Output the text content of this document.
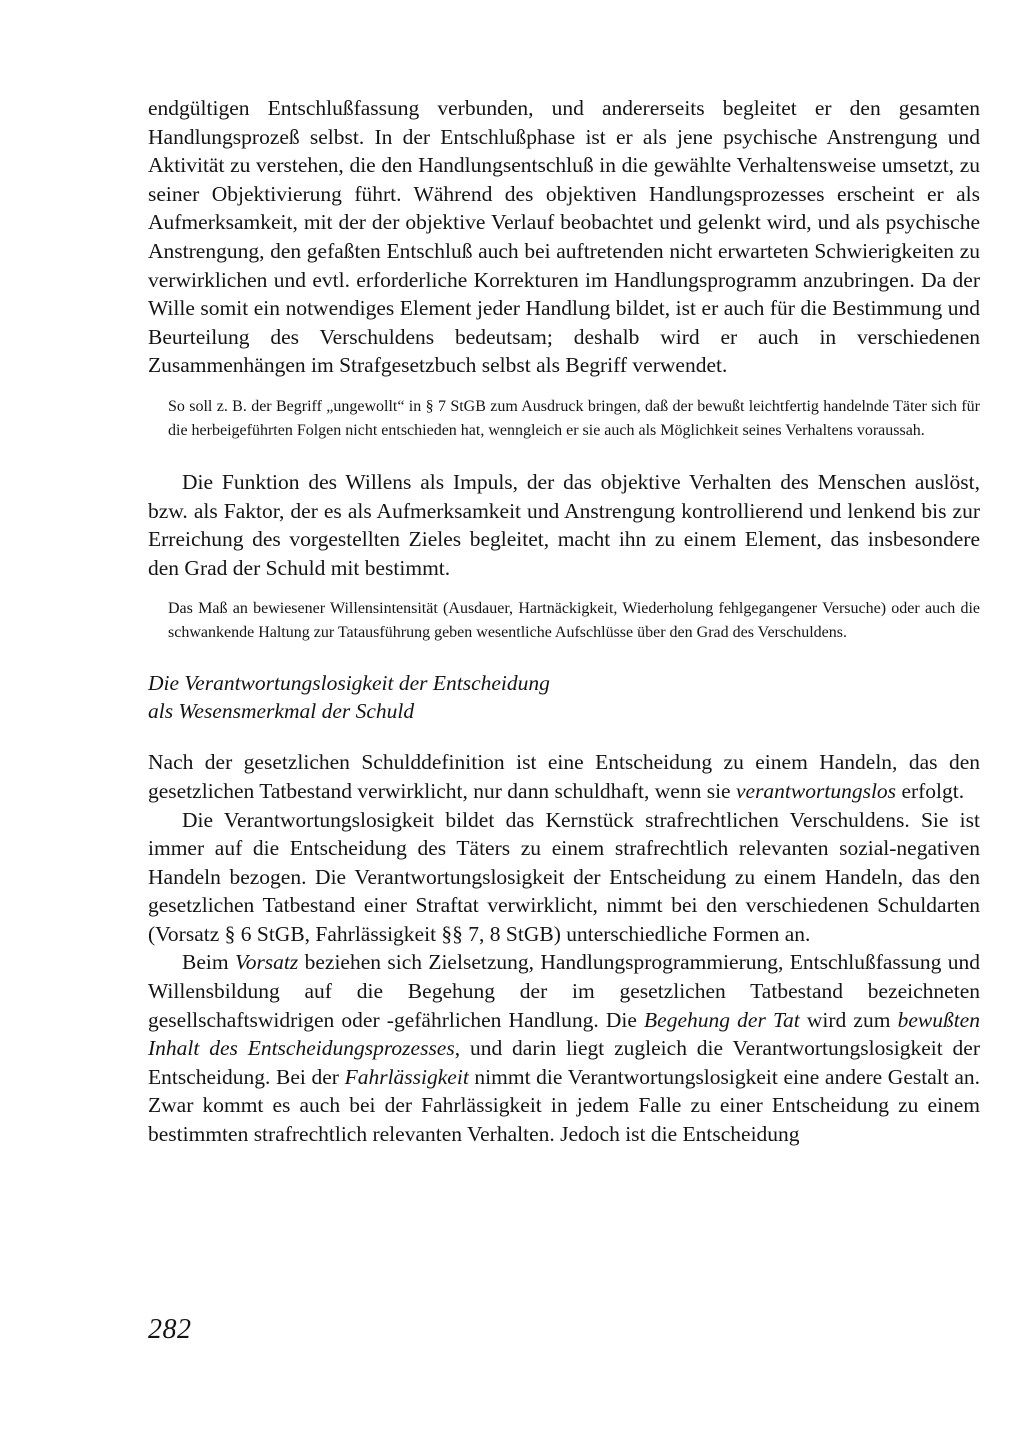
endgültigen Entschlußfassung verbunden, und andererseits begleitet er den gesamten Handlungsprozeß selbst. In der Entschlußphase ist er als jene psychische Anstrengung und Aktivität zu verstehen, die den Handlungsentschluß in die gewählte Verhaltensweise umsetzt, zu seiner Objektivierung führt. Während des objektiven Handlungsprozesses erscheint er als Aufmerksamkeit, mit der der objektive Verlauf beobachtet und gelenkt wird, und als psychische Anstrengung, den gefaßten Entschluß auch bei auftretenden nicht erwarteten Schwierigkeiten zu verwirklichen und evtl. erforderliche Korrekturen im Handlungsprogramm anzubringen. Da der Wille somit ein notwendiges Element jeder Handlung bildet, ist er auch für die Bestimmung und Beurteilung des Verschuldens bedeutsam; deshalb wird er auch in verschiedenen Zusammenhängen im Strafgesetzbuch selbst als Begriff verwendet.

So soll z. B. der Begriff „ungewollt“ in § 7 StGB zum Ausdruck bringen, daß der bewußt leichtfertig handelnde Täter sich für die herbeigeführten Folgen nicht entschieden hat, wenngleich er sie auch als Möglichkeit seines Verhaltens voraussah.

Die Funktion des Willens als Impuls, der das objektive Verhalten des Menschen auslöst, bzw. als Faktor, der es als Aufmerksamkeit und Anstrengung kontrollierend und lenkend bis zur Erreichung des vorgestellten Zieles begleitet, macht ihn zu einem Element, das insbesondere den Grad der Schuld mit bestimmt.

Das Maß an bewiesener Willensintensität (Ausdauer, Hartnäckigkeit, Wiederholung fehlgegangener Versuche) oder auch die schwankende Haltung zur Tatausführung geben wesentliche Aufschlüsse über den Grad des Verschuldens.

Die Verantwortungslosigkeit der Entscheidung

als Wesensmerkmal der Schuld

Nach der gesetzlichen Schulddefinition ist eine Entscheidung zu einem Handeln, das den gesetzlichen Tatbestand verwirklicht, nur dann schuldhaft, wenn sie verantwortungslos erfolgt.

Die Verantwortungslosigkeit bildet das Kernstück strafrechtlichen Verschuldens. Sie ist immer auf die Entscheidung des Täters zu einem strafrechtlich relevanten sozial-negativen Handeln bezogen. Die Verantwortungslosigkeit der Entscheidung zu einem Handeln, das den gesetzlichen Tatbestand einer Straftat verwirklicht, nimmt bei den verschiedenen Schuldarten (Vorsatz § 6 StGB, Fahrlässigkeit §§ 7, 8 StGB) unterschiedliche Formen an.

Beim Vorsatz beziehen sich Zielsetzung, Handlungsprogrammierung, Entschlußfassung und Willensbildung auf die Begehung der im gesetzlichen Tatbestand bezeichneten gesellschaftswidrigen oder -gefährlichen Handlung. Die Begehung der Tat wird zum bewußten Inhalt des Entscheidungsprozesses, und darin liegt zugleich die Verantwortungslosigkeit der Entscheidung. Bei der Fahrlässigkeit nimmt die Verantwortungslosigkeit eine andere Gestalt an. Zwar kommt es auch bei der Fahrlässigkeit in jedem Falle zu einer Entscheidung zu einem bestimmten strafrechtlich relevanten Verhalten. Jedoch ist die Entscheidung

282
